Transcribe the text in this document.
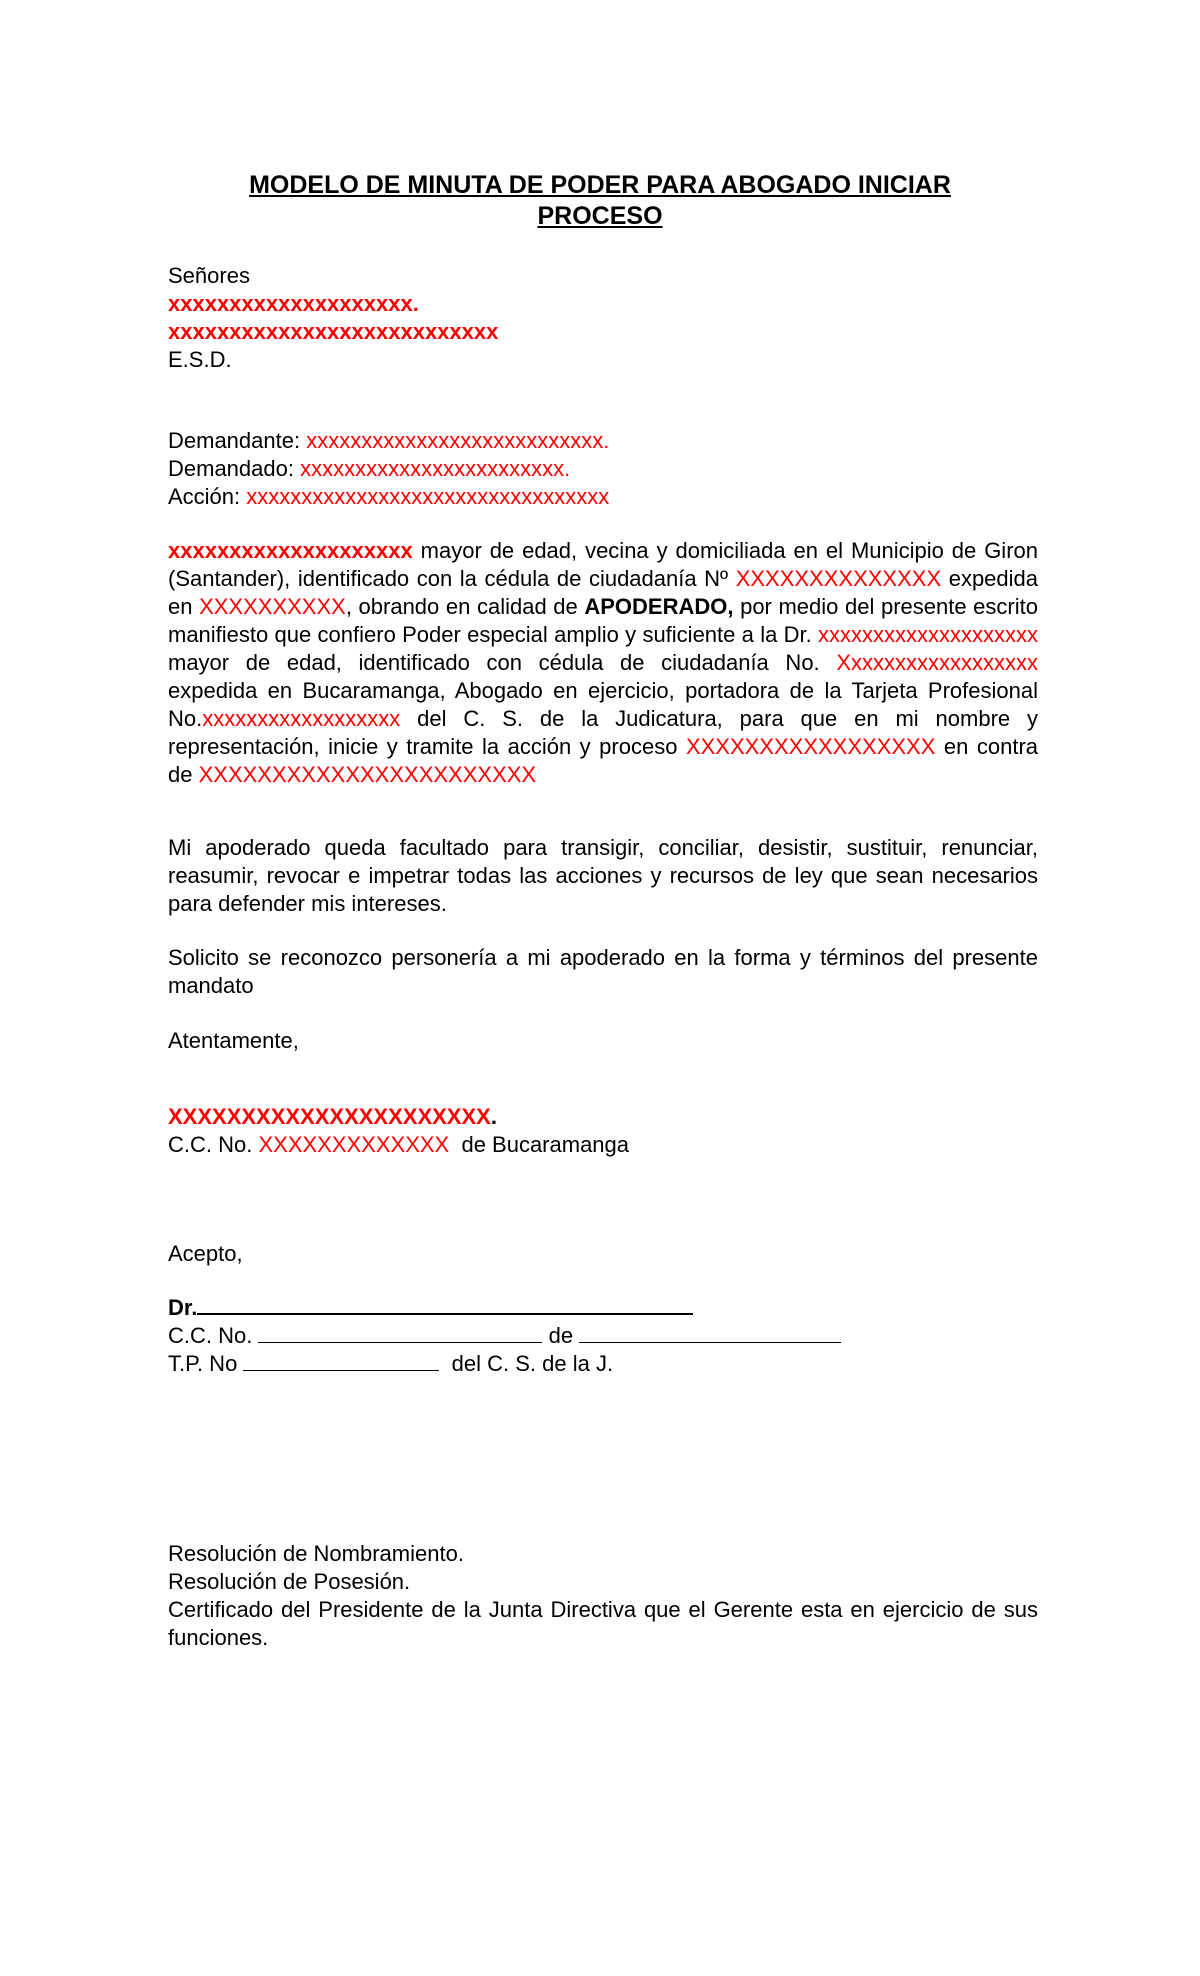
MODELO DE MINUTA DE PODER PARA ABOGADO INICIAR
PROCESO
Señores
xxxxxxxxxxxxxxxxxxxx.
xxxxxxxxxxxxxxxxxxxxxxxxxxx
E.S.D.
Demandante: xxxxxxxxxxxxxxxxxxxxxxxxxxx.
Demandado: xxxxxxxxxxxxxxxxxxxxxxxx.
Acción: xxxxxxxxxxxxxxxxxxxxxxxxxxxxxxxxx
xxxxxxxxxxxxxxxxxxxx mayor de edad, vecina y domiciliada en el Municipio de Giron (Santander), identificado con la cédula de ciudadanía Nº XXXXXXXXXXXXXX expedida en XXXXXXXXXX, obrando en calidad de APODERADO, por medio del presente escrito manifiesto que confiero Poder especial amplio y suficiente a la Dr. xxxxxxxxxxxxxxxxxxxx mayor de edad, identificado con cédula de ciudadanía No. Xxxxxxxxxxxxxxxxxx expedida en Bucaramanga, Abogado en ejercicio, portadora de la Tarjeta Profesional No.xxxxxxxxxxxxxxxxxx del C. S. de la Judicatura, para que en mi nombre y representación, inicie y tramite la acción y proceso XXXXXXXXXXXXXXXXX en contra de XXXXXXXXXXXXXXXXXXXXXXX
Mi apoderado queda facultado para transigir, conciliar, desistir, sustituir, renunciar, reasumir, revocar e impetrar todas las acciones y recursos de ley que sean necesarios para defender mis intereses.
Solicito se reconozco personería a mi apoderado en la forma y términos del presente mandato
Atentamente,
XXXXXXXXXXXXXXXXXXXXXX.
C.C. No. XXXXXXXXXXXXX  de Bucaramanga
Acepto,
Dr.
C.C. No.	de
T.P. No	del C. S. de la J.
Resolución de Nombramiento.
Resolución de Posesión.
Certificado del Presidente de la Junta Directiva que el Gerente esta en ejercicio de sus funciones.
